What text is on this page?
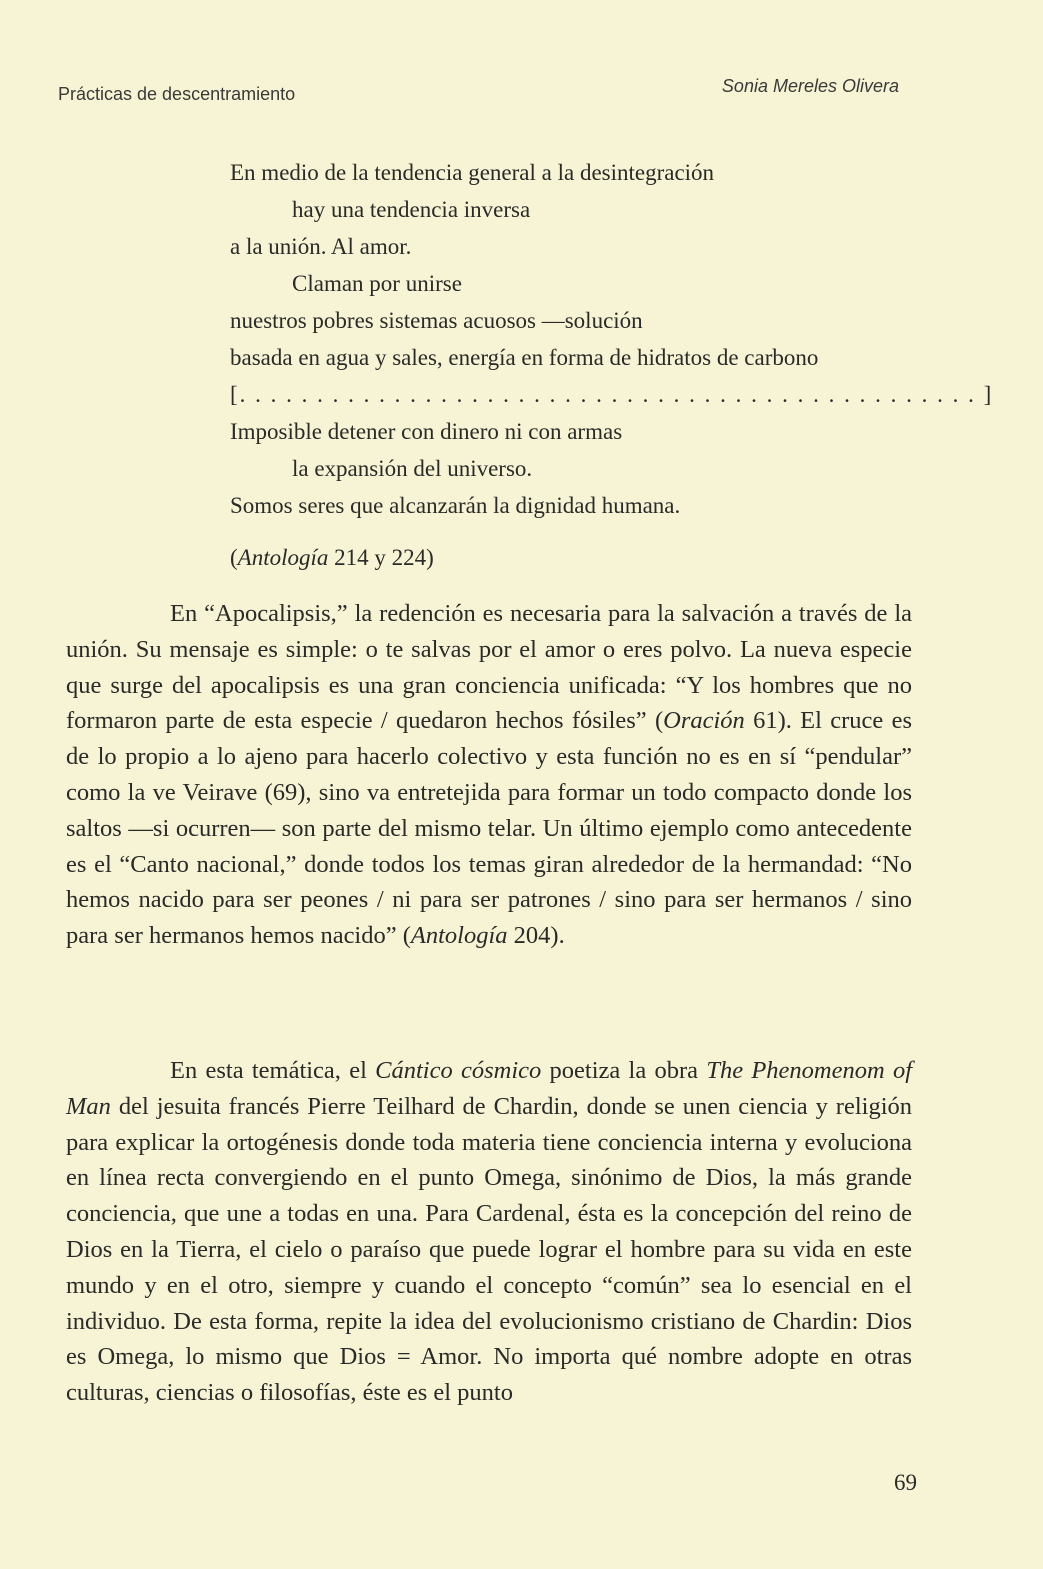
Prácticas de descentramiento	Sonia Mereles Olivera
En medio de la tendencia general a la desintegración
hay una tendencia inversa
a la unión. Al amor.
Claman por unirse
nuestros pobres sistemas acuosos —solución
basada en agua y sales, energía en forma de hidratos de carbono
[. . . . . . . . . . . . . . . . . . . . . . . . . . . . . . . . . . . . . . . . . . . . . . . . ]
Imposible detener con dinero ni con armas
la expansión del universo.
Somos seres que alcanzarán la dignidad humana.
(Antología 214 y 224)

En “Apocalipsis,” la redención es necesaria para la salvación a través de la unión. Su mensaje es simple: o te salvas por el amor o eres polvo. La nueva especie que surge del apocalipsis es una gran conciencia unificada: “Y los hombres que no formaron parte de esta especie / quedaron hechos fósiles” (Oración 61). El cruce es de lo propio a lo ajeno para hacerlo colectivo y esta función no es en sí “pendular” como la ve Veirave (69), sino va entretejida para formar un todo compacto donde los saltos —si ocurren— son parte del mismo telar. Un último ejemplo como antecedente es el “Canto nacional,” donde todos los temas giran alrededor de la hermandad: “No hemos nacido para ser peones / ni para ser patrones / sino para ser hermanos / sino para ser hermanos hemos nacido” (Antología 204).

En esta temática, el Cántico cósmico poetiza la obra The Phenomenom of Man del jesuita francés Pierre Teilhard de Chardin, donde se unen ciencia y religión para explicar la ortogénesis donde toda materia tiene conciencia interna y evoluciona en línea recta convergiendo en el punto Omega, sinónimo de Dios, la más grande conciencia, que une a todas en una. Para Cardenal, ésta es la concepción del reino de Dios en la Tierra, el cielo o paraíso que puede lograr el hombre para su vida en este mundo y en el otro, siempre y cuando el concepto “común” sea lo esencial en el individuo. De esta forma, repite la idea del evolucionismo cristiano de Chardin: Dios es Omega, lo mismo que Dios = Amor. No importa qué nombre adopte en otras culturas, ciencias o filosofías, éste es el punto

69
